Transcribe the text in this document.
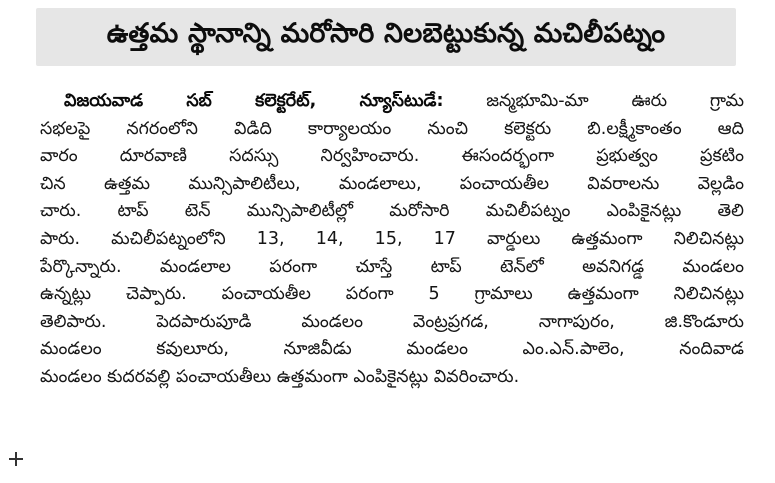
ఉత్తమ స్థానాన్ని మరోసారి నిలబెట్టుకున్న మచిలీపట్నం
విజయవాడ సబ్ కలెక్టరేట్, న్యూస్‌టుడే: జన్మభూమి-మా ఊరు గ్రామ
సభలపై నగరంలోని విడిది కార్యాలయం నుంచి కలెక్టరు బి.లక్ష్మీకాంతం ఆది
వారం దూరవాణి సదస్సు నిర్వహించారు. ఈసందర్భంగా ప్రభుత్వం ప్రకటిం
చిన ఉత్తమ మున్సిపాలిటీలు, మండలాలు, పంచాయతీల వివరాలను వెల్లడిం
చారు. టాప్ టెన్ మున్సిపాలిటీల్లో మరోసారి మచిలీపట్నం ఎంపికైనట్లు తెలి
పారు. మచిలీపట్నంలోని 13, 14, 15, 17 వార్డులు ఉత్తమంగా నిలిచినట్లు
పేర్కొన్నారు. మండలాల పరంగా చూస్తే టాప్ టెన్‌లో అవనిగడ్డ మండలం
ఉన్నట్లు చెప్పారు. పంచాయతీల పరంగా 5 గ్రామాలు ఉత్తమంగా నిలిచినట్లు
తెలిపారు. పెదపారుపూడి మండలం వెంట్రప్రగడ, నాగాపురం, జి.కొండూరు
మండలం కవులూరు, నూజివీడు మండలం ఎం.ఎన్.పాలెం, నందివాడ
మండలం కుదరవల్లి పంచాయతీలు ఉత్తమంగా ఎంపికైనట్లు వివరించారు.
